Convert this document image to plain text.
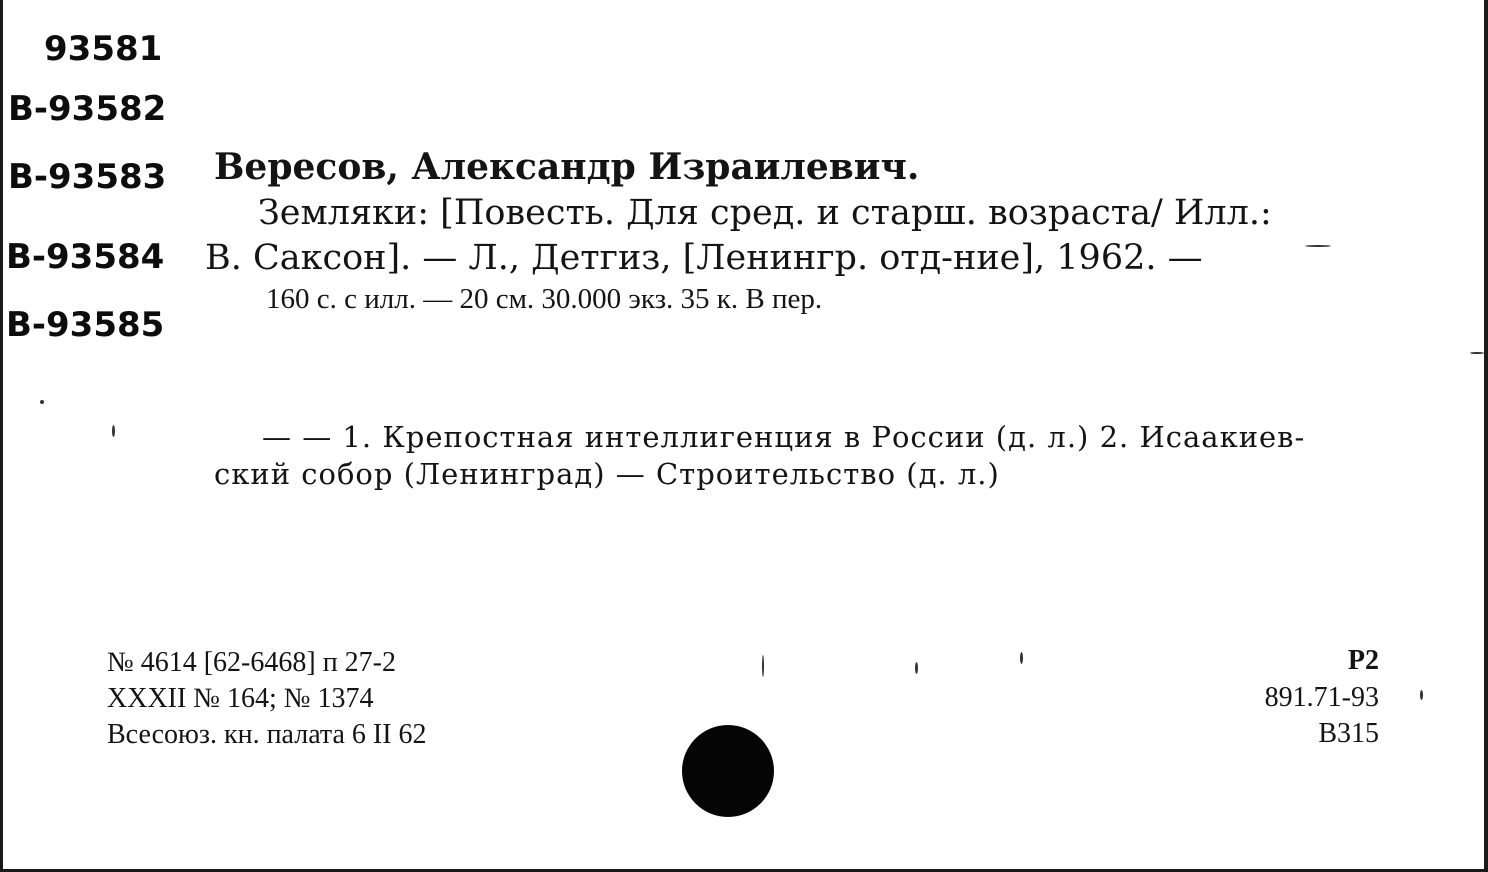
93581
B-93582
B-93583
B-93584
B-93585
Вересов, Александр Израилевич.
Земляки: [Повесть. Для сред. и старш. возраста/ Илл.:
В. Саксон]. — Л., Детгиз, [Ленингр. отд-ние], 1962. —
160 с. с илл. — 20 см. 30.000 экз. 35 к. В пер.
— — 1. Крепостная интеллигенция в России (д. л.) 2. Исаакиев-
ский собор (Ленинград) — Строительство (д. л.)
№ 4614 [62-6468] п 27-2
XXXII № 164; № 1374
Всесоюз. кн. палата 6 II 62
Р2
891.71-93
В315
